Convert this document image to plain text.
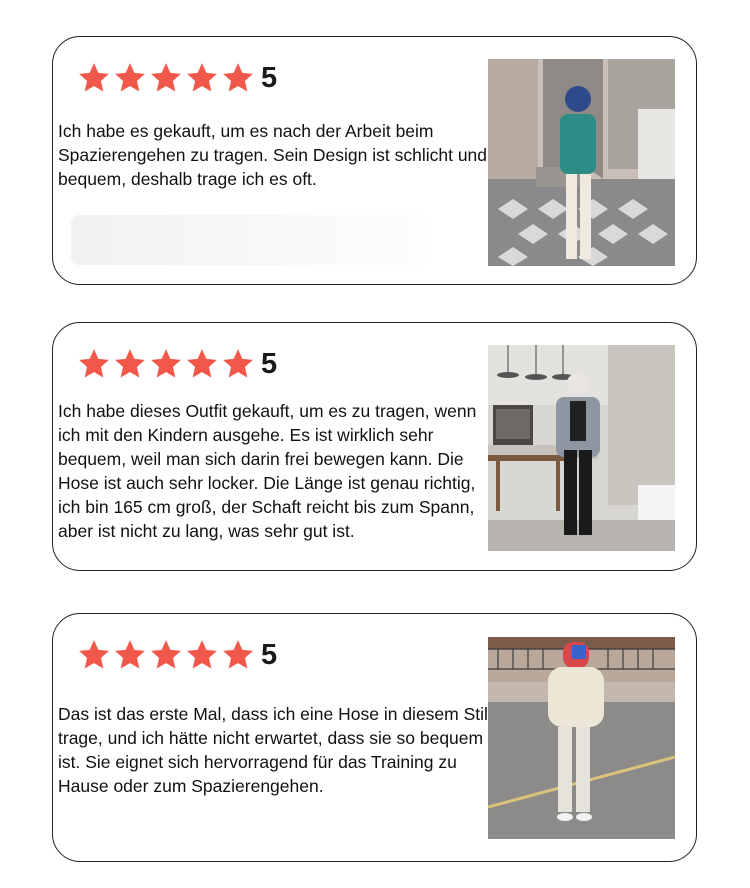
5
Ich habe es gekauft, um es nach der Arbeit beim Spazierengehen zu tragen. Sein Design ist schlicht und bequem, deshalb trage ich es oft.
5
Ich habe dieses Outfit gekauft, um es zu tragen, wenn ich mit den Kindern ausgehe. Es ist wirklich sehr bequem, weil man sich darin frei bewegen kann. Die Hose ist auch sehr locker. Die Länge ist genau richtig, ich bin 165 cm groß, der Schaft reicht bis zum Spann, aber ist nicht zu lang, was sehr gut ist.
5
Das ist das erste Mal, dass ich eine Hose in diesem Stil trage, und ich hätte nicht erwartet, dass sie so bequem ist. Sie eignet sich hervorragend für das Training zu Hause oder zum Spazierengehen.
